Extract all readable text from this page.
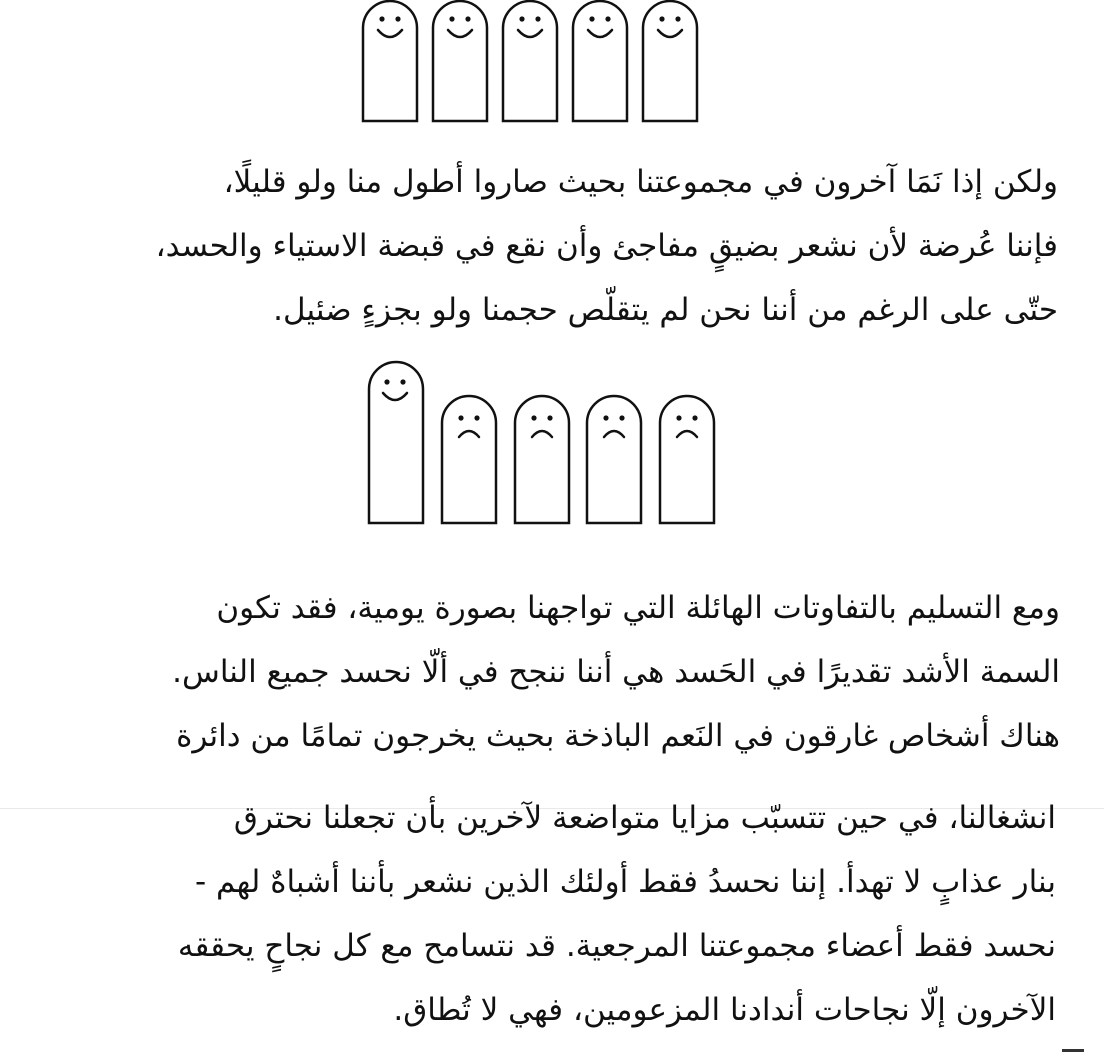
ولكن إذا نَمَا آخرون في مجموعتنا بحيث صاروا أطول منا ولو قليلًا،
فإننا عُرضة لأن نشعر بضيقٍ مفاجئ وأن نقع في قبضة الاستياء والحسد،
حتّى على الرغم من أننا نحن لم يتقلّص حجمنا ولو بجزءٍ ضئيل.
ومع التسليم بالتفاوتات الهائلة التي تواجهنا بصورة يومية، فقد تكون
السمة الأشد تقديرًا في الحَسد هي أننا ننجح في ألّا نحسد جميع الناس.
هناك أشخاص غارقون في النَعم الباذخة بحيث يخرجون تمامًا من دائرة
انشغالنا، في حين تتسبّب مزايا متواضعة لآخرين بأن تجعلنا نحترق
بنار عذابٍ لا تهدأ. إننا نحسدُ فقط أولئك الذين نشعر بأننا أشباهٌ لهم -
نحسد فقط أعضاء مجموعتنا المرجعية. قد نتسامح مع كل نجاحٍ يحققه
الآخرون إلّا نجاحات أندادنا المزعومين، فهي لا تُطاق.
